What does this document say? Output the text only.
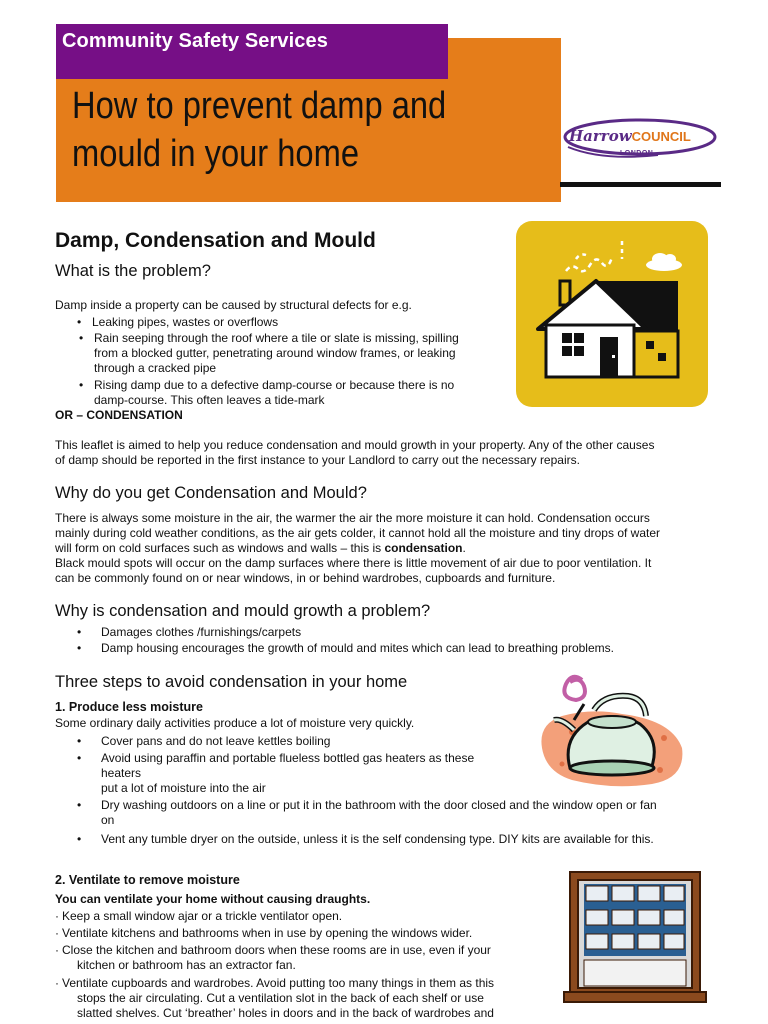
Community Safety Services
How to prevent damp and
mould in your home	HarrowCOUNCIL
LONDON
Damp, Condensation and Mould
What is the problem?
Damp inside a property can be caused by structural defects for e.g.
• Leaking pipes, wastes or overflows
• Rain seeping through the roof where a tile or slate is missing, spilling
from a blocked gutter, penetrating around window frames, or leaking
through a cracked pipe
• Rising damp due to a defective damp-course or because there is no
damp-course. This often leaves a tide-mark
OR – CONDENSATION
This leaflet is aimed to help you reduce condensation and mould growth in your property. Any of the other causes
of damp should be reported in the first instance to your Landlord to carry out the necessary repairs.
Why do you get Condensation and Mould?
There is always some moisture in the air, the warmer the air the more moisture it can hold. Condensation occurs
mainly during cold weather conditions, as the air gets colder, it cannot hold all the moisture and tiny drops of water
will form on cold surfaces such as windows and walls – this is condensation.
Black mould spots will occur on the damp surfaces where there is little movement of air due to poor ventilation. It
can be commonly found on or near windows, in or behind wardrobes, cupboards and furniture.
Why is condensation and mould growth a problem?
• Damages clothes /furnishings/carpets
• Damp housing encourages the growth of mould and mites which can lead to breathing problems.
Three steps to avoid condensation in your home
1. Produce less moisture
Some ordinary daily activities produce a lot of moisture very quickly.
• Cover pans and do not leave kettles boiling
• Avoid using paraffin and portable flueless bottled gas heaters as these
heaters
put a lot of moisture into the air
• Dry washing outdoors on a line or put it in the bathroom with the door closed and the window open or fan
on
• Vent any tumble dryer on the outside, unless it is the self condensing type. DIY kits are available for this.
2. Ventilate to remove moisture
You can ventilate your home without causing draughts.
· Keep a small window ajar or a trickle ventilator open.
· Ventilate kitchens and bathrooms when in use by opening the windows wider.
· Close the kitchen and bathroom doors when these rooms are in use, even if your
kitchen or bathroom has an extractor fan.
· Ventilate cupboards and wardrobes. Avoid putting too many things in them as this
stops the air circulating. Cut a ventilation slot in the back of each shelf or use
slatted shelves. Cut ‘breather’ holes in doors and in the back of wardrobes and
